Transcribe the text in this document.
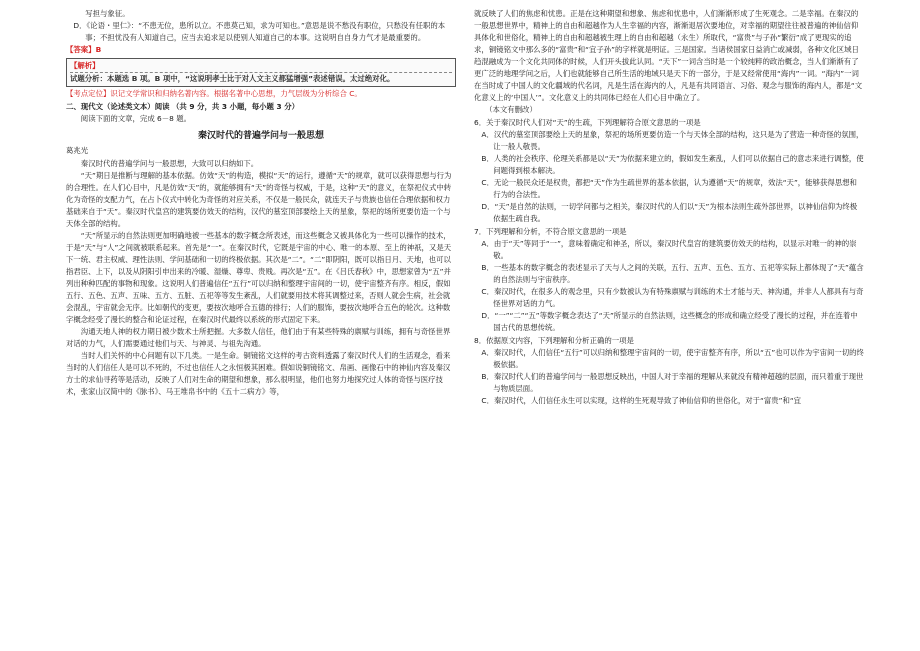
写担与象征。

D．《论语・里仁》：“不患无位，患所以立。不患莫己知，求为可知也。”意思是说不愁没有职位，只愁没有任职的本事；不担忧没有人知道自己，应当去追求足以使别人知道自己的本事。这说明自自身力气才是最重要的。

【答案】B

【解析】

试题分析：本题选 B 项。B 项中，“这说明孝士比于对人文主义都猛增强”表述错误。太过绝对化。

【考点定位】识记文学常识和归纳名著内容。根据名著中心思想，力气层级为分析综合 C。

二、现代文（论述类文本）阅读 （共 9 分，共 3 小题，每小题 3 分）

阅读下面的文章，完成 6－8 题。

秦汉时代的普遍学问与一般思想

葛兆光

秦汉时代的普遍学问与一般思想，大致可以归纳如下。

“天”期日是推断与理解的基本依据。仿效“天”的构造，模拟“天”的运行，遵循“天”的规章，就可以获得思想与行为的合理性。在人们心目中，凡是仿效“天”的，就能够拥有“天”的奇怪与权威，于是，这种“天”的意义，在祭祀仪式中转化为奇怪的支配力气，在占卜仪式中转化为奇怪的对应关系，不仅是一般民众，就连天子与贵族也信任合理依据和权力基础来自于“天”。秦汉时代皇宫的建筑要仿效天的结构，汉代的墓室顶部要绘上天的星象，祭祀的场所更要仿造一个与天体全部的结构。

“天”所显示的自然法则更加明确地被一些基本的数字概念所表述，而这些概念又被具体化为一些可以操作的技术，于是“天”与“人”之间就被联系起来。首先是“一”。在秦汉时代，它既是宇宙的中心、唯一的本原、至上的神祇，又是天下一统、君主权威、理性法则、学问基础和一切的终极依据。其次是“二”。“二”即阴阳，既可以指日月、天地，也可以指君臣、上下，以及从阴阳引申出来的冷暖、湿燥、尊卑、贵贱。再次是“五”。在《吕氏春秋》中，思想家曾为“五”并列出种种匹配的事物和现象。这说明人们普遍信任“五行”可以归纳和整理宇宙间的一切，使宇宙整齐有序。相反，假如五行、五色、五声、五味、五方、五脏、五祀等等发生紊乱，人们就要用技术将其调整过来，否则人就会生病，社会就会混乱，宇宙就会无序。比如朝代的变更，要按次地呼合五德的排行；人们的服饰，要按次地呼合五色的轮次。这种数字概念经受了漫长的整合和论证过程，在秦汉时代最终以系统的形式固定下来。

沟通天地人神的权力期日被少数术士所把握。大多数人信任，他们由于有某些特殊的禀赋与训练，拥有与奇怪世界对话的力气，人们需要通过他们与天、与神灵、与祖先沟通。

当时人们关怀的中心问题有以下几类。一是生命。铜镜铭文这样的考古资料透露了秦汉时代人们的生活观念，看来当时的人们信任人是可以不死的，不过也信任人之永恒极其困难。假如说铜镜铭文、帛画、画像石中的神仙内容及秦汉方士的求仙寻药等是活动，反映了人们对生命的期望和想象，那么很明显，他们也努力地探究过人体的奇怪与医疗技术，张家山汉简中的《脉书》、马王堆帛书中的《五十二病方》等，

就反映了人们的焦虑和忧患。正是在这种期望和想象、焦虑和忧患中，人们渐渐形成了生死观念。二是幸福。在秦汉的一般思想世界中，精神上的自由和超越作为人生幸福的内容，渐渐退居次要地位，对幸福的期望往往被普遍的神仙信仰具体化和世俗化，精神上的自由和超越被生理上的自由和超越（永生）所取代，“富贵”与子孙“繁衍”成了更现实的追求，铜镜铭文中那么多的“富贵”和“宜子孙”的字样就是明证。三是国家。当诸侯国家日益消亡或减弱，各种文化区域日趋混融成为一个文化共同体的时候，人们开头拔此认同。“天下”一词含当时是一个较纯粹的政治概念，当人们渐渐有了更广泛的地理学问之后，人们也就能够自己所生活的地域只是天下的一部分，于是又经常使用“海内”一词。“海内”一词在当时成了中国人的文化疆域的代名词，凡是生活在海内的人，凡是有共同语言、习俗、观念与服饰的海内人，都是“文化意义上的‘中国人’”。文化意义上的共同体已经在人们心目中确立了。

（本文有删改）

6．关于秦汉时代人们对“天”的生疏，下列理解符合原文意思的一项是

A．汉代的墓室顶部要绘上天的星象，祭祀的场所更要仿造一个与天体全部的结构，这只是为了营造一种奇怪的氛围，让一般人敬畏。

B．人类的社会秩序、伦理关系都是以“天”为依据来建立的，假如发生紊乱，人们可以依据自己的意志来进行调整，使问题得到根本解决。

C．无论一般民众还是权贵，都把“天”作为生疏世界的基本依据，认为遵循“天”的规章，效法“天”，能够获得思想和行为的合法性。

D．“天”是自然的法则，一切学问都与之相关，秦汉时代的人们以“天”为根本法则生疏外部世界，以神仙信仰为终极依据生疏自我。

7．下列理解和分析，不符合原文意思的一项是

A．由于“天”等同于“一”，意味着确定和神圣，所以，秦汉时代皇宫的建筑要仿效天的结构，以显示对唯一的神的崇敬。

B．一些基本的数字概念的表述显示了天与人之间的关联，五行、五声、五色、五方、五祀等实际上都体现了“天”蕴含的自然法则与宇宙秩序。

C．秦汉时代，在很多人的观念里，只有少数被认为有特殊禀赋与训练的术士才能与天、神沟通，并非人人都具有与奇怪世界对话的力气。

D．“一”“二”“五”等数字概念表达了“天”所显示的自然法则，这些概念的形成和确立经受了漫长的过程，并在连着中国古代的思想传统。

8．依据原文内容，下列理解和分析正确的一项是

A．秦汉时代，人们信任“五行”可以归纳和整理宇宙间的一切，使宇宙整齐有序，所以“五”也可以作为宇宙间一切的终极依据。

B．秦汉时代人们的普遍学问与一般思想反映出，中国人对于幸福的理解从来就没有精神超越的层面，而只着重于现世与物质层面。

C．秦汉时代，人们信任永生可以实现，这样的生死观导致了神仙信仰的世俗化，对于“富贵”和“宜
